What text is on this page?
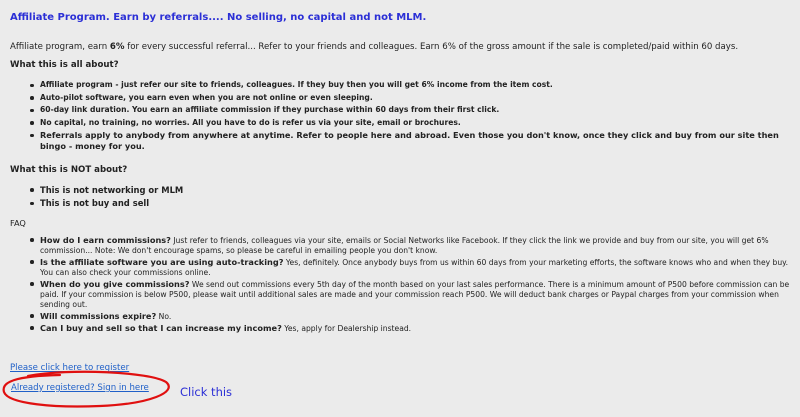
Affiliate Program. Earn by referrals.... No selling, no capital and not MLM.
Affiliate program, earn 6% for every successful referral... Refer to your friends and colleagues. Earn 6% of the gross amount if the sale is completed/paid within 60 days.
What this is all about?
Affiliate program - just refer our site to friends, colleagues. If they buy then you will get 6% income from the item cost.
Auto-pilot software, you earn even when you are not online or even sleeping.
60-day link duration. You earn an affiliate commission if they purchase within 60 days from their first click.
No capital, no training, no worries. All you have to do is refer us via your site, email or brochures.
Referrals apply to anybody from anywhere at anytime. Refer to people here and abroad. Even those you don't know, once they click and buy from our site then bingo - money for you.
What this is NOT about?
This is not networking or MLM
This is not buy and sell
FAQ
How do I earn commissions? Just refer to friends, colleagues via your site, emails or Social Networks like Facebook. If they click the link we provide and buy from our site, you will get 6% commission... Note: We don't encourage spams, so please be careful in emailing people you don't know.
Is the affiliate software you are using auto-tracking? Yes, definitely. Once anybody buys from us within 60 days from your marketing efforts, the software knows who and when they buy. You can also check your commissions online.
When do you give commissions? We send out commissions every 5th day of the month based on your last sales performance. There is a minimum amount of P500 before commission can be paid. If your commission is below P500, please wait until additional sales are made and your commission reach P500. We will deduct bank charges or Paypal charges from your commission when sending out.
Will commissions expire? No.
Can I buy and sell so that I can increase my income? Yes, apply for Dealership instead.
Please click here to register
Already registered? Sign in here	Click this
